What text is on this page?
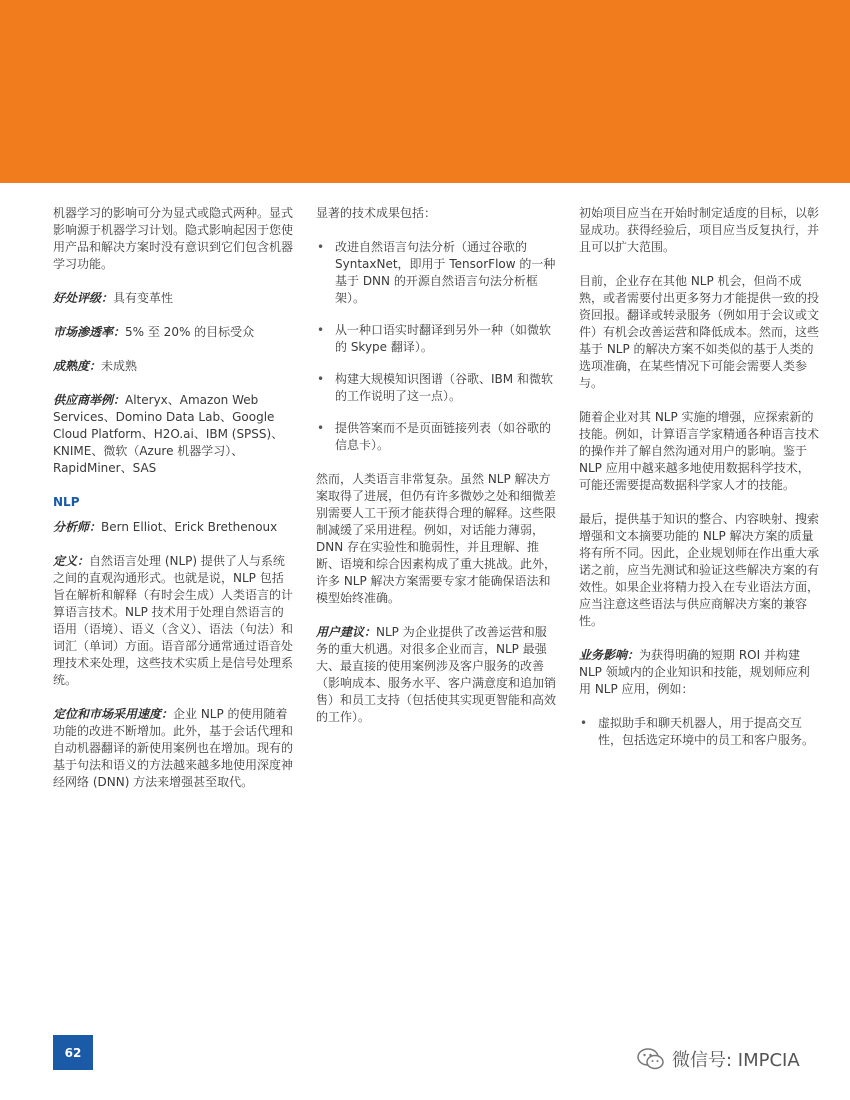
机器学习的影响可分为显式或隐式两种。显式影响源于机器学习计划。隐式影响起因于您使用产品和解决方案时没有意识到它们包含机器学习功能。

好处评级：具有变革性

市场渗透率：5% 至 20% 的目标受众

成熟度：未成熟

供应商举例：Alteryx、Amazon Web Services、Domino Data Lab、Google Cloud Platform、H2O.ai、IBM (SPSS)、KNIME、微软（Azure 机器学习）、RapidMiner、SAS

NLP

分析师：Bern Elliot、Erick Brethenoux

定义：自然语言处理 (NLP) 提供了人与系统之间的直观沟通形式。也就是说，NLP 包括旨在解析和解释（有时会生成）人类语言的计算语言技术。NLP 技术用于处理自然语言的语用（语境）、语义（含义）、语法（句法）和词汇（单词）方面。语音部分通常通过语音处理技术来处理，这些技术实质上是信号处理系统。

定位和市场采用速度：企业 NLP 的使用随着功能的改进不断增加。此外，基于会话代理和自动机器翻译的新使用案例也在增加。现有的基于句法和语义的方法越来越多地使用深度神经网络 (DNN) 方法来增强甚至取代。

显著的技术成果包括：

• 改进自然语言句法分析（通过谷歌的 SyntaxNet，即用于 TensorFlow 的一种基于 DNN 的开源自然语言句法分析框架）。
• 从一种口语实时翻译到另外一种（如微软的 Skype 翻译）。
• 构建大规模知识图谱（谷歌、IBM 和微软的工作说明了这一点）。
• 提供答案而不是页面链接列表（如谷歌的信息卡）。

然而，人类语言非常复杂。虽然 NLP 解决方案取得了进展，但仍有许多微妙之处和细微差别需要人工干预才能获得合理的解释。这些限制减缓了采用进程。例如，对话能力薄弱，DNN 存在实验性和脆弱性，并且理解、推断、语境和综合因素构成了重大挑战。此外，许多 NLP 解决方案需要专家才能确保语法和模型始终准确。

用户建议：NLP 为企业提供了改善运营和服务的重大机遇。对很多企业而言，NLP 最强大、最直接的使用案例涉及客户服务的改善（影响成本、服务水平、客户满意度和追加销售）和员工支持（包括使其实现更智能和高效的工作）。

初始项目应当在开始时制定适度的目标，以彰显成功。获得经验后，项目应当反复执行，并且可以扩大范围。

目前，企业存在其他 NLP 机会，但尚不成熟，或者需要付出更多努力才能提供一致的投资回报。翻译或转录服务（例如用于会议或文件）有机会改善运营和降低成本。然而，这些基于 NLP 的解决方案不如类似的基于人类的选项准确，在某些情况下可能会需要人类参与。

随着企业对其 NLP 实施的增强，应探索新的技能。例如，计算语言学家精通各种语言技术的操作并了解自然沟通对用户的影响。鉴于 NLP 应用中越来越多地使用数据科学技术，可能还需要提高数据科学家人才的技能。

最后，提供基于知识的整合、内容映射、搜索增强和文本摘要功能的 NLP 解决方案的质量将有所不同。因此，企业规划师在作出重大承诺之前，应当先测试和验证这些解决方案的有效性。如果企业将精力投入在专业语法方面，应当注意这些语法与供应商解决方案的兼容性。

业务影响：为获得明确的短期 ROI 并构建 NLP 领域内的企业知识和技能，规划师应利用 NLP 应用，例如：

• 虚拟助手和聊天机器人，用于提高交互性，包括选定环境中的员工和客户服务。
62	微信号: IMPCIA
